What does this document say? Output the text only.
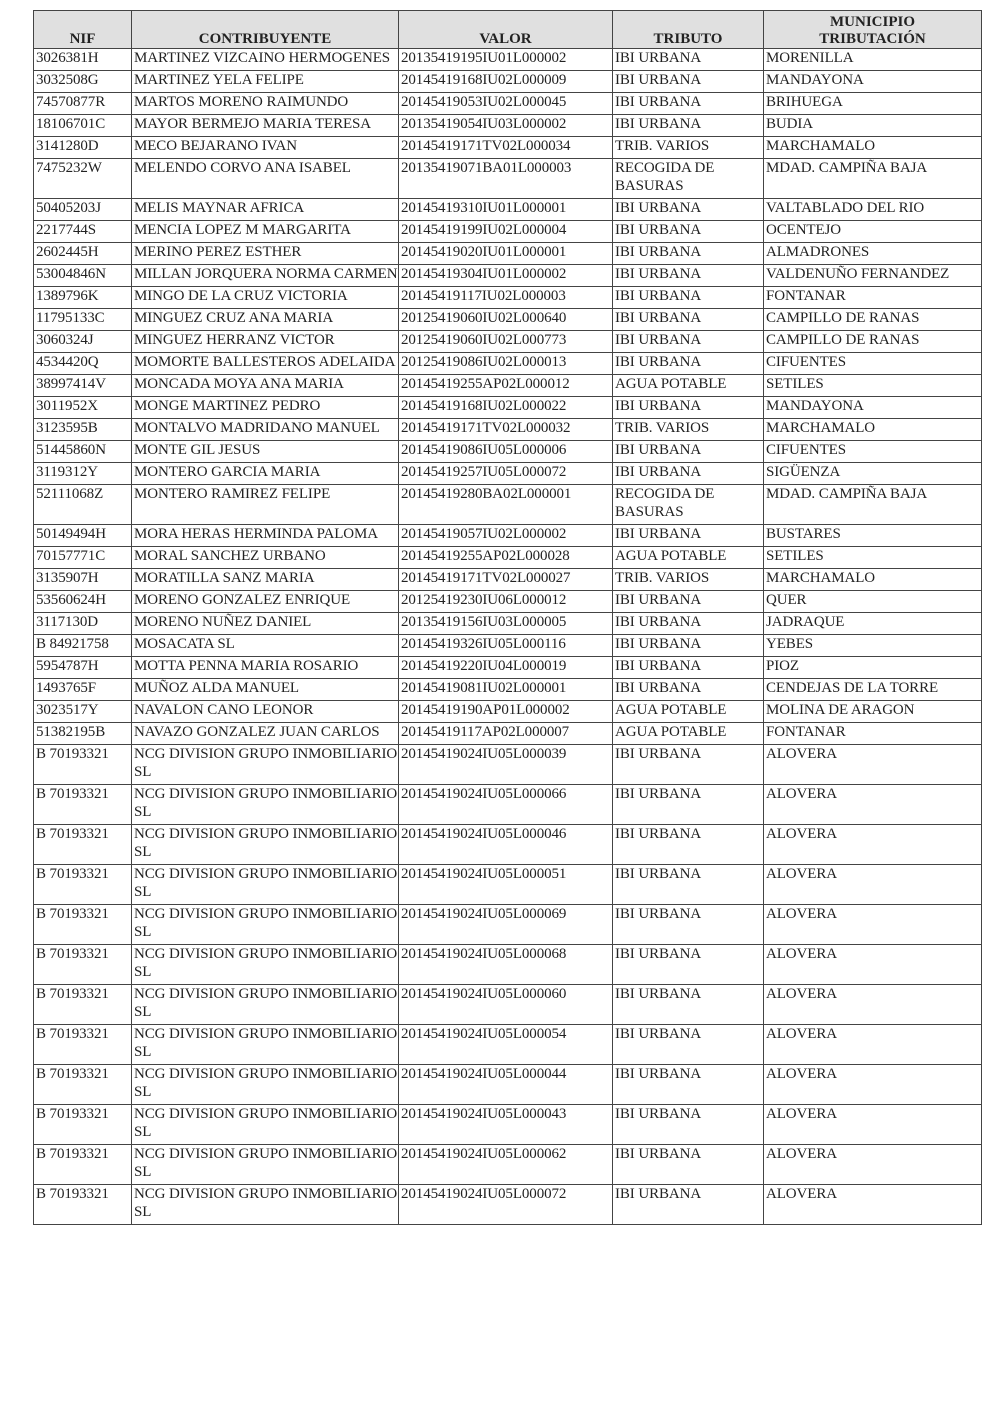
NIF	CONTRIBUYENTE	VALOR	TRIBUTO	MUNICIPIO
TRIBUTACIÓN
3026381H	MARTINEZ VIZCAINO HERMOGENES	20135419195IU01L000002	IBI URBANA	MORENILLA
3032508G	MARTINEZ YELA FELIPE	20145419168IU02L000009	IBI URBANA	MANDAYONA
74570877R	MARTOS MORENO RAIMUNDO	20145419053IU02L000045	IBI URBANA	BRIHUEGA
18106701C	MAYOR BERMEJO MARIA TERESA	20135419054IU03L000002	IBI URBANA	BUDIA
3141280D	MECO BEJARANO IVAN	20145419171TV02L000034	TRIB. VARIOS	MARCHAMALO
7475232W	MELENDO CORVO ANA ISABEL	20135419071BA01L000003	RECOGIDA DE BASURAS	MDAD. CAMPIÑA BAJA
50405203J	MELIS MAYNAR AFRICA	20145419310IU01L000001	IBI URBANA	VALTABLADO DEL RIO
2217744S	MENCIA LOPEZ M MARGARITA	20145419199IU02L000004	IBI URBANA	OCENTEJO
2602445H	MERINO PEREZ ESTHER	20145419020IU01L000001	IBI URBANA	ALMADRONES
53004846N	MILLAN JORQUERA NORMA CARMEN	20145419304IU01L000002	IBI URBANA	VALDENUÑO FERNANDEZ
1389796K	MINGO DE LA CRUZ VICTORIA	20145419117IU02L000003	IBI URBANA	FONTANAR
11795133C	MINGUEZ CRUZ ANA MARIA	20125419060IU02L000640	IBI URBANA	CAMPILLO DE RANAS
3060324J	MINGUEZ HERRANZ VICTOR	20125419060IU02L000773	IBI URBANA	CAMPILLO DE RANAS
4534420Q	MOMORTE BALLESTEROS ADELAIDA	20125419086IU02L000013	IBI URBANA	CIFUENTES
38997414V	MONCADA MOYA ANA MARIA	20145419255AP02L000012	AGUA POTABLE	SETILES
3011952X	MONGE MARTINEZ PEDRO	20145419168IU02L000022	IBI URBANA	MANDAYONA
3123595B	MONTALVO MADRIDANO MANUEL	20145419171TV02L000032	TRIB. VARIOS	MARCHAMALO
51445860N	MONTE GIL JESUS	20145419086IU05L000006	IBI URBANA	CIFUENTES
3119312Y	MONTERO GARCIA MARIA	20145419257IU05L000072	IBI URBANA	SIGÜENZA
52111068Z	MONTERO RAMIREZ FELIPE	20145419280BA02L000001	RECOGIDA DE BASURAS	MDAD. CAMPIÑA BAJA
50149494H	MORA HERAS HERMINDA PALOMA	20145419057IU02L000002	IBI URBANA	BUSTARES
70157771C	MORAL SANCHEZ URBANO	20145419255AP02L000028	AGUA POTABLE	SETILES
3135907H	MORATILLA SANZ MARIA	20145419171TV02L000027	TRIB. VARIOS	MARCHAMALO
53560624H	MORENO GONZALEZ ENRIQUE	20125419230IU06L000012	IBI URBANA	QUER
3117130D	MORENO NUÑEZ DANIEL	20135419156IU03L000005	IBI URBANA	JADRAQUE
B 84921758	MOSACATA SL	20145419326IU05L000116	IBI URBANA	YEBES
5954787H	MOTTA PENNA MARIA ROSARIO	20145419220IU04L000019	IBI URBANA	PIOZ
1493765F	MUÑOZ ALDA MANUEL	20145419081IU02L000001	IBI URBANA	CENDEJAS DE LA TORRE
3023517Y	NAVALON CANO LEONOR	20145419190AP01L000002	AGUA POTABLE	MOLINA DE ARAGON
51382195B	NAVAZO GONZALEZ JUAN CARLOS	20145419117AP02L000007	AGUA POTABLE	FONTANAR
B 70193321	NCG DIVISION GRUPO INMOBILIARIO SL	20145419024IU05L000039	IBI URBANA	ALOVERA
B 70193321	NCG DIVISION GRUPO INMOBILIARIO SL	20145419024IU05L000066	IBI URBANA	ALOVERA
B 70193321	NCG DIVISION GRUPO INMOBILIARIO SL	20145419024IU05L000046	IBI URBANA	ALOVERA
B 70193321	NCG DIVISION GRUPO INMOBILIARIO SL	20145419024IU05L000051	IBI URBANA	ALOVERA
B 70193321	NCG DIVISION GRUPO INMOBILIARIO SL	20145419024IU05L000069	IBI URBANA	ALOVERA
B 70193321	NCG DIVISION GRUPO INMOBILIARIO SL	20145419024IU05L000068	IBI URBANA	ALOVERA
B 70193321	NCG DIVISION GRUPO INMOBILIARIO SL	20145419024IU05L000060	IBI URBANA	ALOVERA
B 70193321	NCG DIVISION GRUPO INMOBILIARIO SL	20145419024IU05L000054	IBI URBANA	ALOVERA
B 70193321	NCG DIVISION GRUPO INMOBILIARIO SL	20145419024IU05L000044	IBI URBANA	ALOVERA
B 70193321	NCG DIVISION GRUPO INMOBILIARIO SL	20145419024IU05L000043	IBI URBANA	ALOVERA
B 70193321	NCG DIVISION GRUPO INMOBILIARIO SL	20145419024IU05L000062	IBI URBANA	ALOVERA
B 70193321	NCG DIVISION GRUPO INMOBILIARIO SL	20145419024IU05L000072	IBI URBANA	ALOVERA
